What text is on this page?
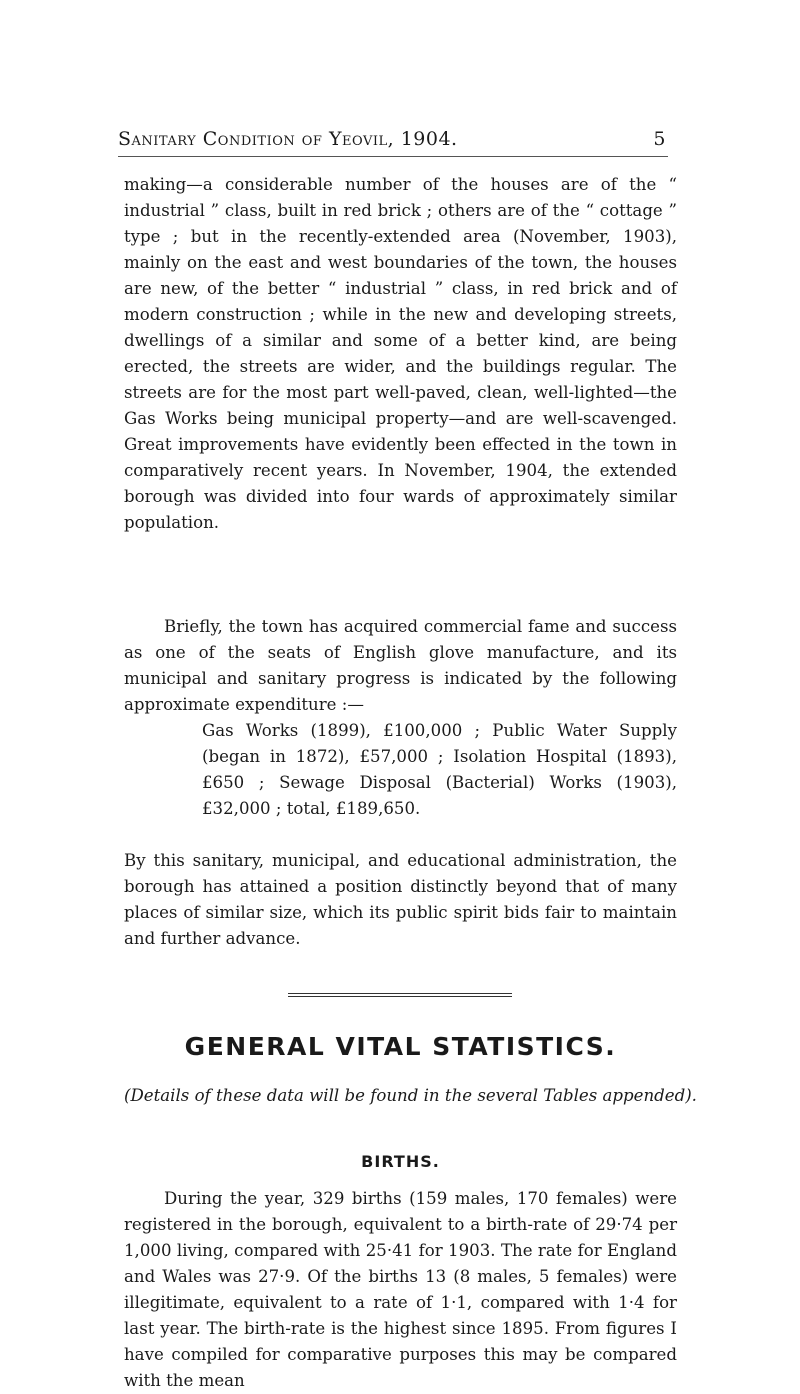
Sanitary Condition of Yeovil, 1904.	5

making—a considerable number of the houses are of the “ industrial ” class, built in red brick ; others are of the “ cottage ” type ; but in the recently-extended area (November, 1903), mainly on the east and west boundaries of the town, the houses are new, of the better “ industrial ” class, in red brick and of modern construction ; while in the new and developing streets, dwellings of a similar and some of a better kind, are being erected, the streets are wider, and the buildings regular. The streets are for the most part well-paved, clean, well-lighted—the Gas Works being municipal property—and are well-scavenged. Great improvements have evidently been effected in the town in comparatively recent years. In November, 1904, the extended borough was divided into four wards of approximately similar population.

Briefly, the town has acquired commercial fame and success as one of the seats of English glove manufacture, and its municipal and sanitary progress is indicated by the following approximate expenditure :—

Gas Works (1899), £100,000 ; Public Water Supply (began in 1872), £57,000 ; Isolation Hospital (1893), £650 ; Sewage Disposal (Bacterial) Works (1903), £32,000 ; total, £189,650.

By this sanitary, municipal, and educational administration, the borough has attained a position distinctly beyond that of many places of similar size, which its public spirit bids fair to maintain and further advance.

GENERAL VITAL STATISTICS.

(Details of these data will be found in the several Tables appended).

BIRTHS.

During the year, 329 births (159 males, 170 females) were registered in the borough, equivalent to a birth-rate of 29·74 per 1,000 living, compared with 25·41 for 1903. The rate for England and Wales was 27·9. Of the births 13 (8 males, 5 females) were illegitimate, equivalent to a rate of 1·1, compared with 1·4 for last year. The birth-rate is the highest since 1895. From figures I have compiled for comparative purposes this may be compared with the mean
